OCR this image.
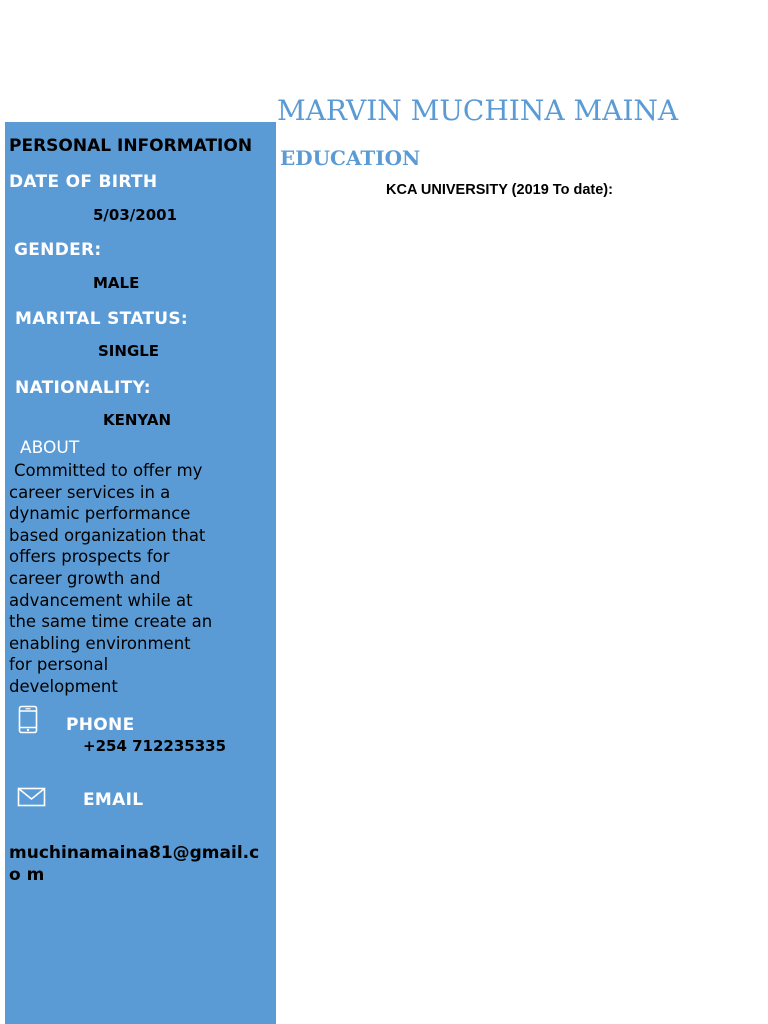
PERSONAL INFORMATION
DATE OF BIRTH
5/03/2001
GENDER:
MALE
MARITAL STATUS:
SINGLE
NATIONALITY:
KENYAN
ABOUT
Committed to offer my
career services in a
dynamic performance
based organization that
offers prospects for
career growth and
advancement while at
the same time create an
enabling environment
for personal
development
PHONE
+254 712235335
EMAIL
muchinamaina81@gmail.c o m
MARVIN MUCHINA MAINA
EDUCATION
KCA UNIVERSITY (2019 To date):
